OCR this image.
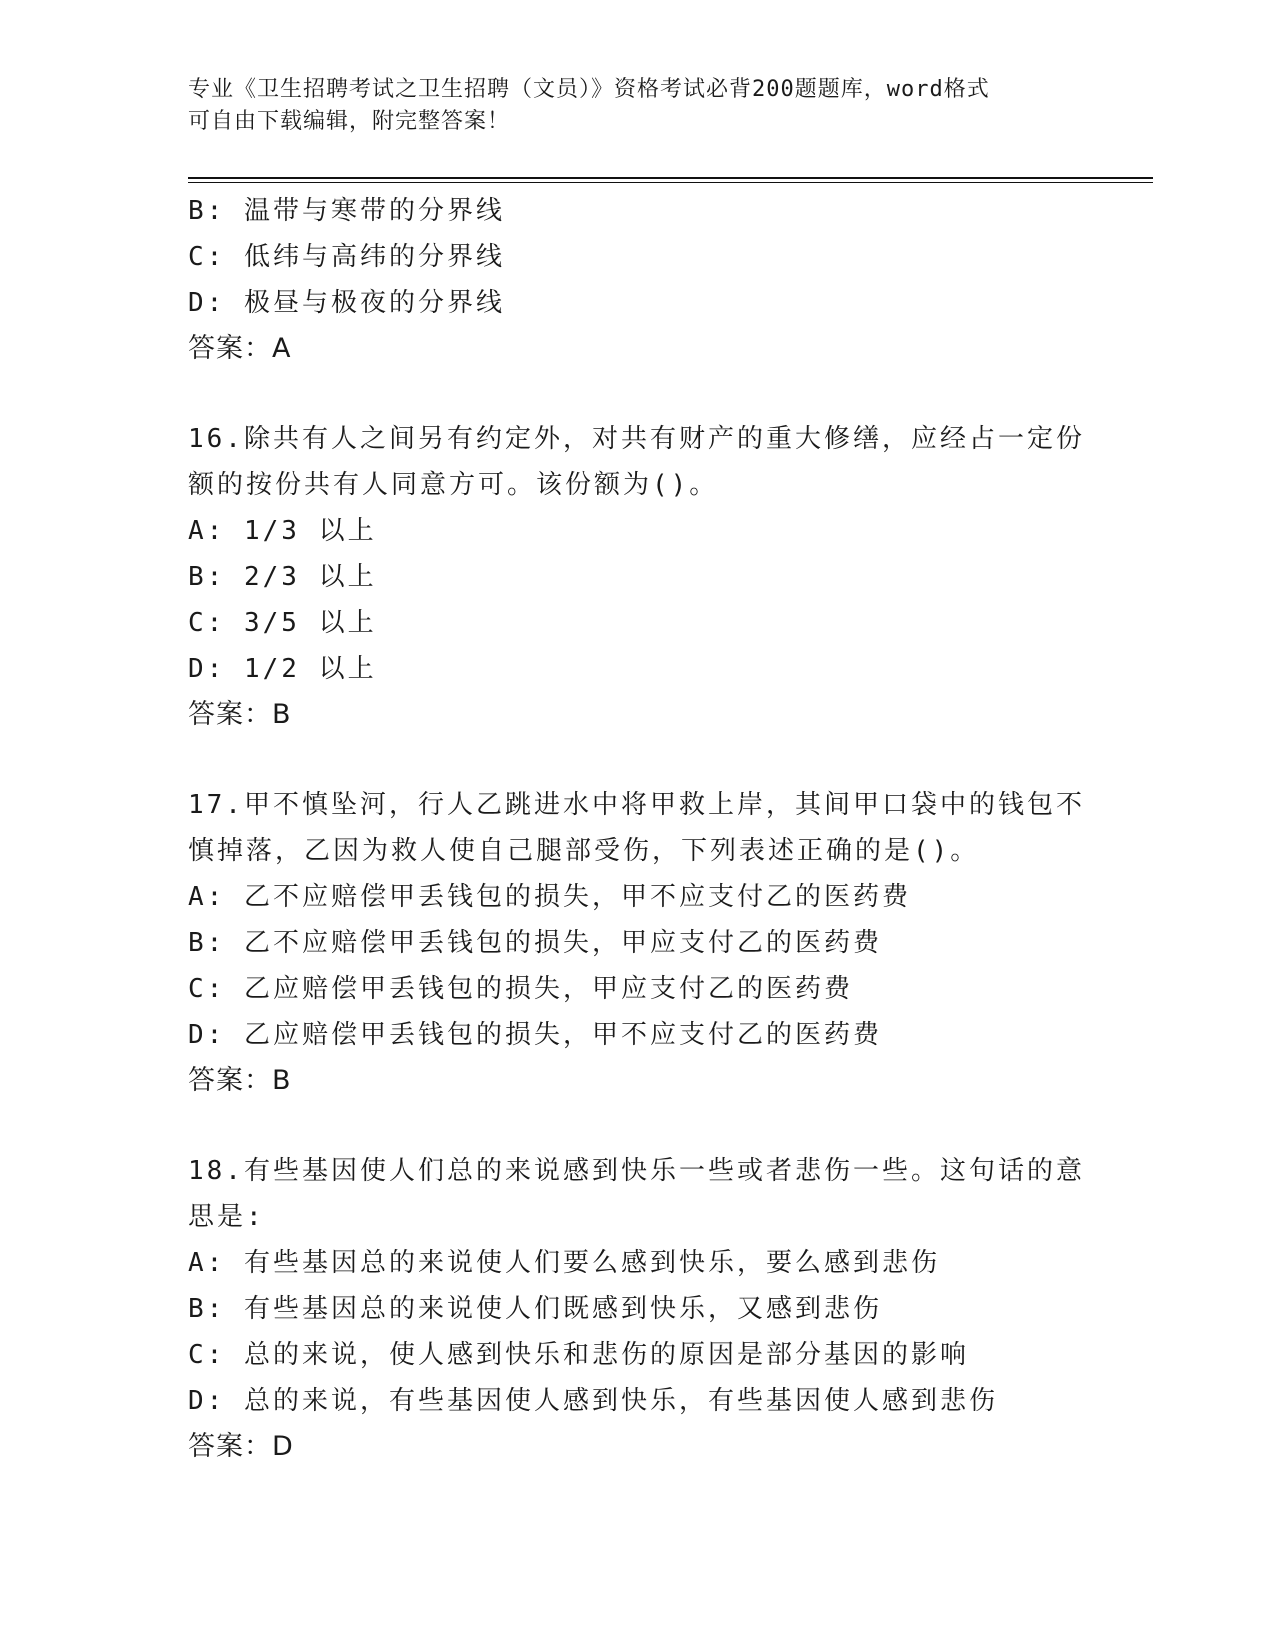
专业《卫生招聘考试之卫生招聘（文员）》资格考试必背200题题库，word格式
可自由下载编辑，附完整答案！
B: 温带与寒带的分界线
C: 低纬与高纬的分界线
D: 极昼与极夜的分界线
答案：A
16.除共有人之间另有约定外，对共有财产的重大修缮，应经占一定份
额的按份共有人同意方可。该份额为()。
A: 1/3 以上
B: 2/3 以上
C: 3/5 以上
D: 1/2 以上
答案：B
17.甲不慎坠河，行人乙跳进水中将甲救上岸，其间甲口袋中的钱包不
慎掉落，乙因为救人使自己腿部受伤，下列表述正确的是()。
A: 乙不应赔偿甲丢钱包的损失，甲不应支付乙的医药费
B: 乙不应赔偿甲丢钱包的损失，甲应支付乙的医药费
C: 乙应赔偿甲丢钱包的损失，甲应支付乙的医药费
D: 乙应赔偿甲丢钱包的损失，甲不应支付乙的医药费
答案：B
18.有些基因使人们总的来说感到快乐一些或者悲伤一些。这句话的意
思是:
A: 有些基因总的来说使人们要么感到快乐，要么感到悲伤
B: 有些基因总的来说使人们既感到快乐，又感到悲伤
C: 总的来说，使人感到快乐和悲伤的原因是部分基因的影响
D: 总的来说，有些基因使人感到快乐，有些基因使人感到悲伤
答案：D
